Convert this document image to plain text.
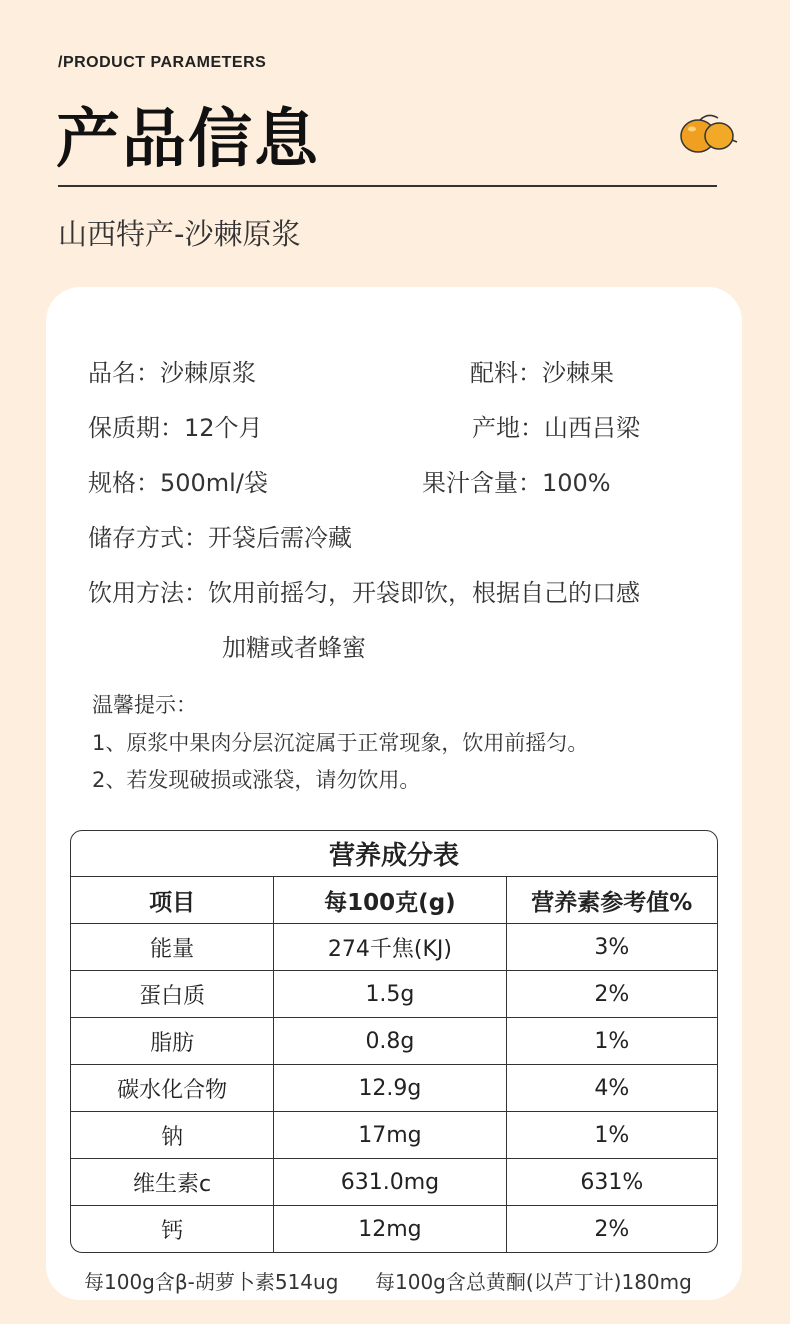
/PRODUCT PARAMETERS
产品信息
山西特产-沙棘原浆
品名：沙棘原浆	配料：沙棘果
保质期：12个月	产地：山西吕梁
规格：500ml/袋	果汁含量：100%
储存方式：开袋后需冷藏
饮用方法：饮用前摇匀，开袋即饮，根据自己的口感
加糖或者蜂蜜
温馨提示：
1、原浆中果肉分层沉淀属于正常现象，饮用前摇匀。
2、若发现破损或涨袋，请勿饮用。
营养成分表		
项目	每100克(g)	营养素参考值%
能量	274千焦(KJ)	3%
蛋白质	1.5g	2%
脂肪	0.8g	1%
碳水化合物	12.9g	4%
钠	17mg	1%
维生素c	631.0mg	631%
钙	12mg	2%
每100g含β-胡萝卜素514ug 每100g含总黄酮(以芦丁计)180mg
